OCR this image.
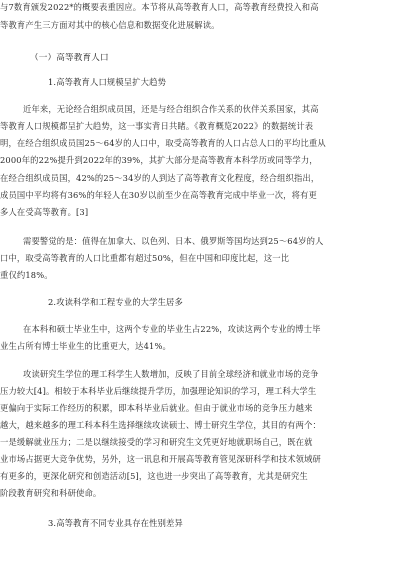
与7数育颁发2022*的概要表重因应。本节将从高等教育人口，高等教育经费投入和高

等教育产生三方面对其中的核心信息和数据变化进展解读。

（一）高等教育人口

1.高等教育人口规模呈扩大趋势

近年来，无论经合组织成员国，还是与经合组织合作关系的伙伴关系国家，其高

等教育人口规模都呈扩大趋势，这一事实背日共睹。《教育概览2022》的数据统计表

明，在经合组织成员国25～64岁的人口中，取受高等教育的人口占总人口的平均比重从

2000年的22%提升到2022年的39%，其扩大部分是高等教育本科学历或同等学力，

在经合组织成员国，42%的25～34岁的人到达了高等教育文化程度，经合组织指出，

成员国中平均将有36%的年轻人在30岁以前至少在高等教育完成中毕业一次，将有更

多人在受高等教育。[3]

需要警觉的是：值得在加拿大、以色列、日本、俄罗斯等国均达到25～64岁的人

口中，取受高等教育的人口比重都有超过50%，但在中国和印度比起，这一比

重仅约18%。

2.攻读科学和工程专业的大学生居多

在本科和硕士毕业生中，这两个专业的毕业生占22%，攻读这两个专业的博士毕

业生占所有博士毕业生的比重更大，达41%。

攻读研究生学位的理工科学生人数增加，反映了目前全球经济和就业市场的竞争

压力较大[4]。相较于本科毕业后继续提升学历，加强理论知识的学习，理工科大学生

更偏向于实际工作经历的积累，即本科毕业后就业。但由于就业市场的竞争压力越来

越大，越来越多的理工科本科生选择继续攻读硕士、博士研究生学位，其目的有两个：

一是缓解就业压力；二是以继续接受的学习和研究生文凭更好地就职场自己，既在就

业市场占据更大竞争优势，另外，这一讯息和开展高等教育管见深研科学和技术领域研

有更多的，更深化研究和创造活动[5]，这也进一步突出了高等教育，尤其是研究生

阶段教育研究和科研使命。

3.高等教育不同专业具存在性别差异
